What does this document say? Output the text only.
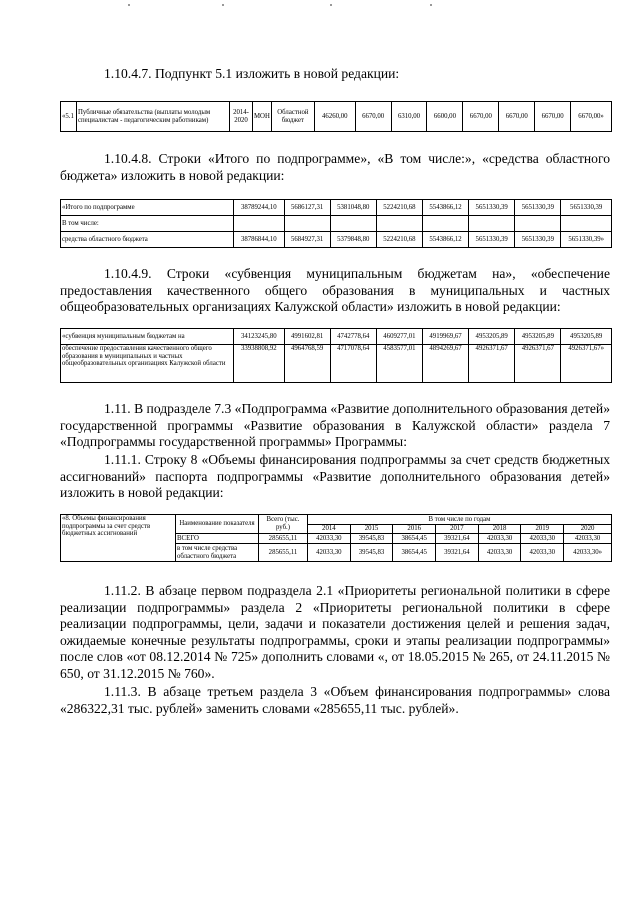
1.10.4.7. Подпункт 5.1 изложить в новой редакции:

«5.1	Публичные обязательства (выплаты молодым специалистам - педагогическим работникам)	2014-2020	МОН	Областной бюджет	46260,00	6670,00	6310,00	6600,00	6670,00	6670,00	6670,00	6670,00»

1.10.4.8. Строки «Итого по подпрограмме», «В том числе:», «средства областного бюджета» изложить в новой редакции:

«Итого по подпрограмме	38789244,10	5686127,31	5381048,80	5224210,68	5543866,12	5651330,39	5651330,39	5651330,39
В том числе:								
средства областного бюджета	38786844,10	5684927,31	5379848,80	5224210,68	5543866,12	5651330,39	5651330,39	5651330,39»

1.10.4.9. Строки «субвенция муниципальным бюджетам на», «обеспечение предоставления качественного общего образования в муниципальных и частных общеобразовательных организациях Калужской области» изложить в новой редакции:

«субвенция муниципальным бюджетам на	34123245,80	4991602,81	4742778,64	4609277,01	4919969,67	4953205,89	4953205,89	4953205,89
обеспечение предоставления качественного общего образования в муниципальных и частных общеобразовательных организациях Калужской области	33938808,92	4964768,59	4717078,64	4583577,01	4894269,67	4926371,67	4926371,67	4926371,67»

1.11. В подразделе 7.3 «Подпрограмма «Развитие дополнительного образования детей» государственной программы «Развитие образования в Калужской области» раздела 7 «Подпрограммы государственной программы» Программы:

1.11.1. Строку 8 «Объемы финансирования подпрограммы за счет средств бюджетных ассигнований» паспорта подпрограммы «Развитие дополнительного образования детей» изложить в новой редакции:

«8. Объемы финансирования подпрограммы за счет средств бюджетных ассигнований	Наименование показателя	Всего (тыс. руб.)	В том числе по годам						
			2014	2015	2016	2017	2018	2019	2020
	ВСЕГО	285655,11	42033,30	39545,83	38654,45	39321,64	42033,30	42033,30	42033,30
	в том числе средства областного бюджета	285655,11	42033,30	39545,83	38654,45	39321,64	42033,30	42033,30	42033,30»

1.11.2. В абзаце первом подраздела 2.1 «Приоритеты региональной политики в сфере реализации подпрограммы» раздела 2 «Приоритеты региональной политики в сфере реализации подпрограммы, цели, задачи и показатели достижения целей и решения задач, ожидаемые конечные результаты подпрограммы, сроки и этапы реализации подпрограммы» после слов «от 08.12.2014 № 725» дополнить словами «, от 18.05.2015 № 265, от 24.11.2015 № 650, от 31.12.2015 № 760».

1.11.3. В абзаце третьем раздела 3 «Объем финансирования подпрограммы» слова «286322,31 тыс. рублей» заменить словами «285655,11 тыс. рублей».
